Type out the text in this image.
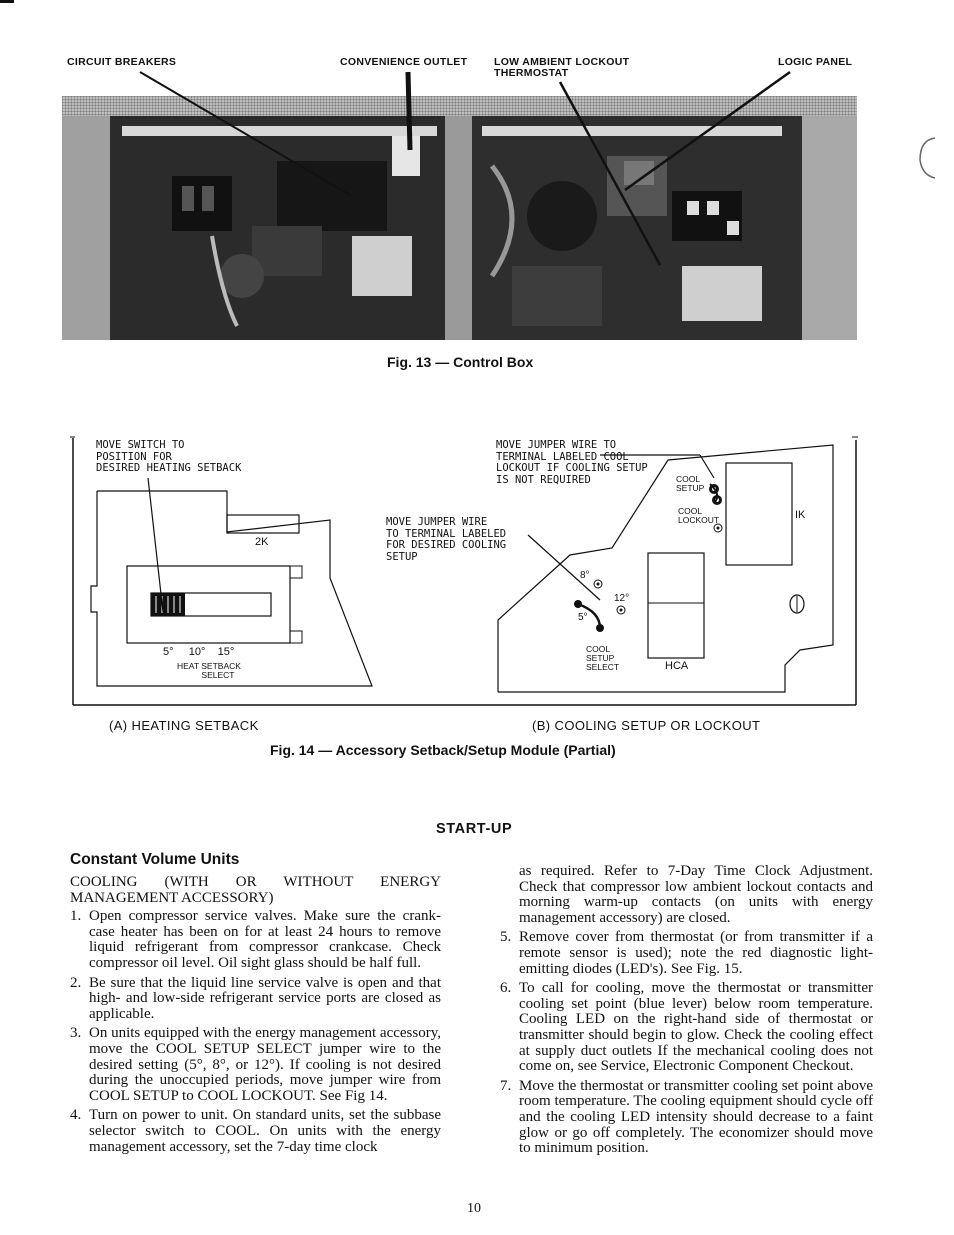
CIRCUIT BREAKERS	CONVENIENCE OUTLET	LOW AMBIENT LOCKOUT
THERMOSTAT
LOGIC PANEL
Fig. 13 — Control Box
MOVE SWITCH TO
POSITION FOR
DESIRED HEATING SETBACK
2K
5°     10°    15°
HEAT SETBACK
SELECT
MOVE JUMPER WIRE TO
TERMINAL LABELED COOL
LOCKOUT IF COOLING SETUP
IS NOT REQUIRED
MOVE JUMPER WIRE
TO TERMINAL LABELED
FOR DESIRED COOLING
SETUP
COOL
SETUP
COOL
LOCKOUT	IK
8°
12°
5°
COOL
SETUP
SELECT	HCA
(A) HEATING SETBACK	(B) COOLING SETUP OR LOCKOUT
Fig. 14 — Accessory Setback/Setup Module (Partial)
START-UP
Constant Volume Units
COOLING (WITH OR WITHOUT ENERGY MANAGEMENT ACCESSORY)
1. Open compressor service valves. Make sure the crank-case heater has been on for at least 24 hours to remove liquid refrigerant from compressor crankcase. Check compressor oil level. Oil sight glass should be half full.
2. Be sure that the liquid line service valve is open and that high- and low-side refrigerant service ports are closed as applicable.
3. On units equipped with the energy management accessory, move the COOL SETUP SELECT jumper wire to the desired setting (5°, 8°, or 12°). If cooling is not desired during the unoccupied periods, move jumper wire from COOL SETUP to COOL LOCKOUT. See Fig 14.
4. Turn on power to unit. On standard units, set the subbase selector switch to COOL. On units with the energy management accessory, set the 7-day time clock
as required. Refer to 7-Day Time Clock Adjustment. Check that compressor low ambient lockout contacts and morning warm-up contacts (on units with energy management accessory) are closed.
5. Remove cover from thermostat (or from transmitter if a remote sensor is used); note the red diagnostic light-emitting diodes (LED's). See Fig. 15.
6. To call for cooling, move the thermostat or transmitter cooling set point (blue lever) below room temperature. Cooling LED on the right-hand side of thermostat or transmitter should begin to glow. Check the cooling effect at supply duct outlets If the mechanical cooling does not come on, see Service, Electronic Component Checkout.
7. Move the thermostat or transmitter cooling set point above room temperature. The cooling equipment should cycle off and the cooling LED intensity should decrease to a faint glow or go off completely. The economizer should move to minimum position.
10
